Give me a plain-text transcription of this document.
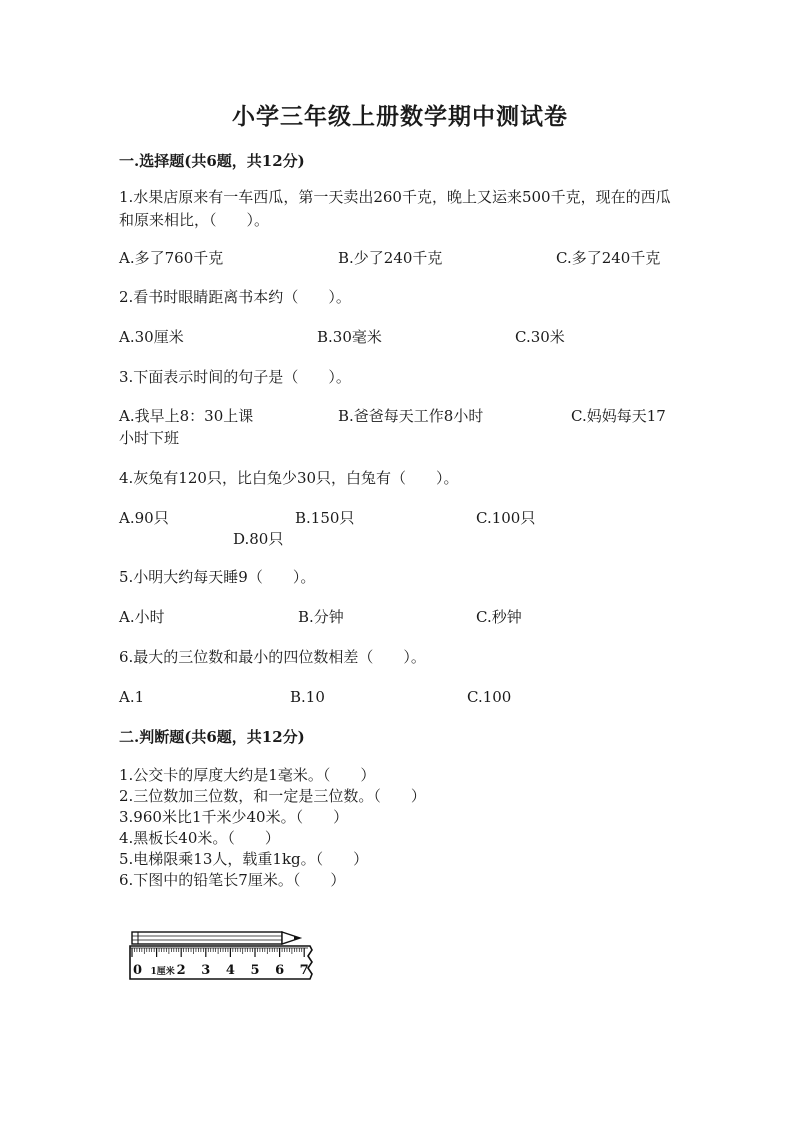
小学三年级上册数学期中测试卷
一.选择题(共6题，共12分)
1.水果店原来有一车西瓜，第一天卖出260千克，晚上又运来500千克，现在的西瓜和原来相比，（　　）。
A.多了760千克	B.少了240千克	C.多了240千克
2.看书时眼睛距离书本约（　　）。
A.30厘米	B.30毫米	C.30米
3.下面表示时间的句子是（　　）。
A.我早上8：30上课	B.爸爸每天工作8小时	C.妈妈每天17小时下班
4.灰兔有120只，比白兔少30只，白兔有（　　）。
A.90只	B.150只	C.100只
D.80只
5.小明大约每天睡9（　　）。
A.小时	B.分钟	C.秒钟
6.最大的三位数和最小的四位数相差（　　）。
A.1	B.10	C.100
二.判断题(共6题，共12分)
1.公交卡的厚度大约是1毫米。（　　）
2.三位数加三位数，和一定是三位数。（　　）
3.960米比1千米少40米。（　　）
4.黑板长40米。（　　）
5.电梯限乘13人，载重1kg。（　　）
6.下图中的铅笔长7厘米。（　　）
0 1厘米 2 3 4 5 6 7
